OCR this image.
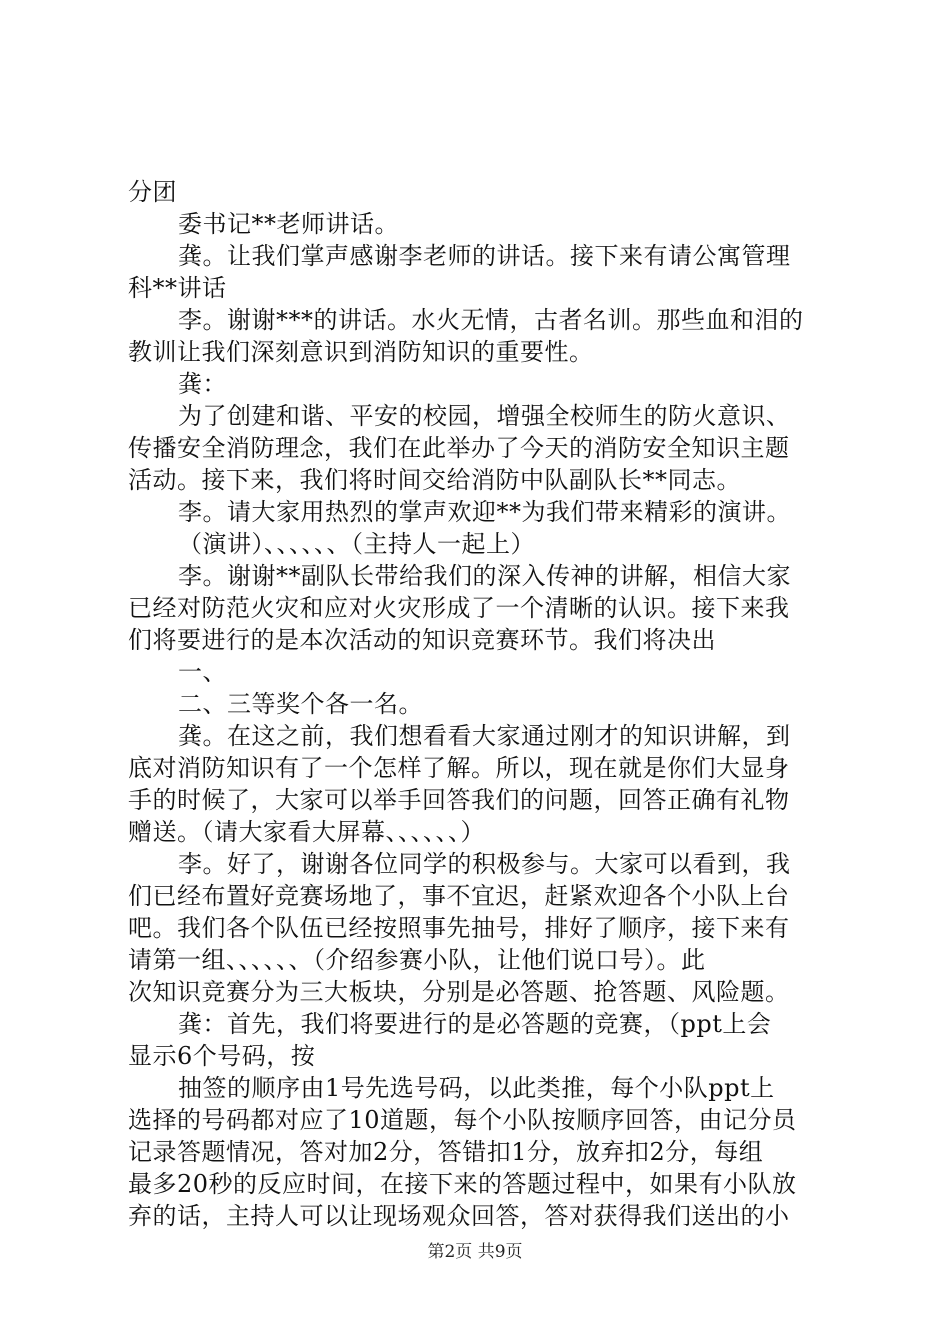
分团
委书记**老师讲话。
龚。让我们掌声感谢李老师的讲话。接下来有请公寓管理
科**讲话
李。谢谢***的讲话。水火无情，古者名训。那些血和泪的
教训让我们深刻意识到消防知识的重要性。
龚：
为了创建和谐、平安的校园，增强全校师生的防火意识、
传播安全消防理念，我们在此举办了今天的消防安全知识主题
活动。接下来，我们将时间交给消防中队副队长**同志。
李。请大家用热烈的掌声欢迎**为我们带来精彩的演讲。
（演讲）、、、、、、（主持人一起上）
李。谢谢**副队长带给我们的深入传神的讲解，相信大家
已经对防范火灾和应对火灾形成了一个清晰的认识。接下来我
们将要进行的是本次活动的知识竞赛环节。我们将决出
一、
二、三等奖个各一名。
龚。在这之前，我们想看看大家通过刚才的知识讲解，到
底对消防知识有了一个怎样了解。所以，现在就是你们大显身
手的时候了，大家可以举手回答我们的问题，回答正确有礼物
赠送。（请大家看大屏幕、、、、、、）
李。好了，谢谢各位同学的积极参与。大家可以看到，我
们已经布置好竞赛场地了，事不宜迟，赶紧欢迎各个小队上台
吧。我们各个队伍已经按照事先抽号，排好了顺序，接下来有
请第一组、、、、、、（介绍参赛小队，让他们说口号）。此
次知识竞赛分为三大板块，分别是必答题、抢答题、风险题。
龚：首先，我们将要进行的是必答题的竞赛，（ppt上会
显示6个号码，按
抽签的顺序由1号先选号码，以此类推，每个小队ppt上
选择的号码都对应了10道题，每个小队按顺序回答，由记分员
记录答题情况，答对加2分，答错扣1分，放弃扣2分，每组
最多20秒的反应时间，在接下来的答题过程中，如果有小队放
弃的话，主持人可以让现场观众回答，答对获得我们送出的小
第2页 共9页
